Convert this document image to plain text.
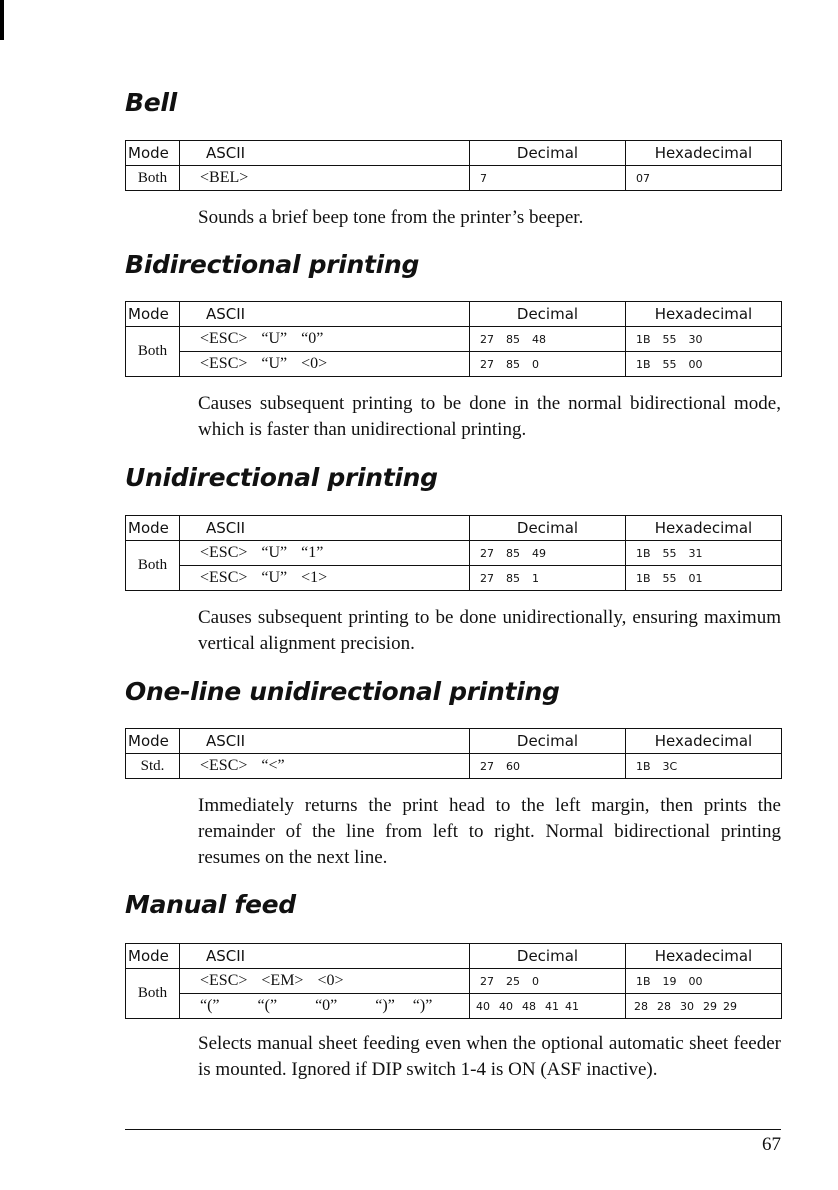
Bell
Mode	ASCII	Decimal	Hexadecimal
Both	<BEL>	7	07

Sounds a brief beep tone from the printer’s beeper.

Bidirectional printing
Mode	ASCII	Decimal	Hexadecimal
Both	<ESC> “U” “0”	27 85 48	1B 55 30
	<ESC> “U” <0>	27 85 0	1B 55 00

Causes subsequent printing to be done in the normal bidirectional mode, which is faster than unidirectional printing.

Unidirectional printing
Mode	ASCII	Decimal	Hexadecimal
Both	<ESC> “U” “1”	27 85 49	1B 55 31
	<ESC> “U” <1>	27 85 1	1B 55 01

Causes subsequent printing to be done unidirectionally, ensuring maximum vertical alignment precision.

One-line unidirectional printing
Mode	ASCII	Decimal	Hexadecimal
Std.	<ESC> “<”	27 60	1B 3C

Immediately returns the print head to the left margin, then prints the remainder of the line from left to right. Normal bidirectional printing resumes on the next line.

Manual feed
Mode	ASCII	Decimal	Hexadecimal
Both	<ESC> <EM> <0>	27 25 0	1B 19 00
	“(” “(” “0” “)” “)”	40 40 48 41 41	28 28 30 29 29

Selects manual sheet feeding even when the optional automatic sheet feeder is mounted. Ignored if DIP switch 1-4 is ON (ASF inactive).

67
